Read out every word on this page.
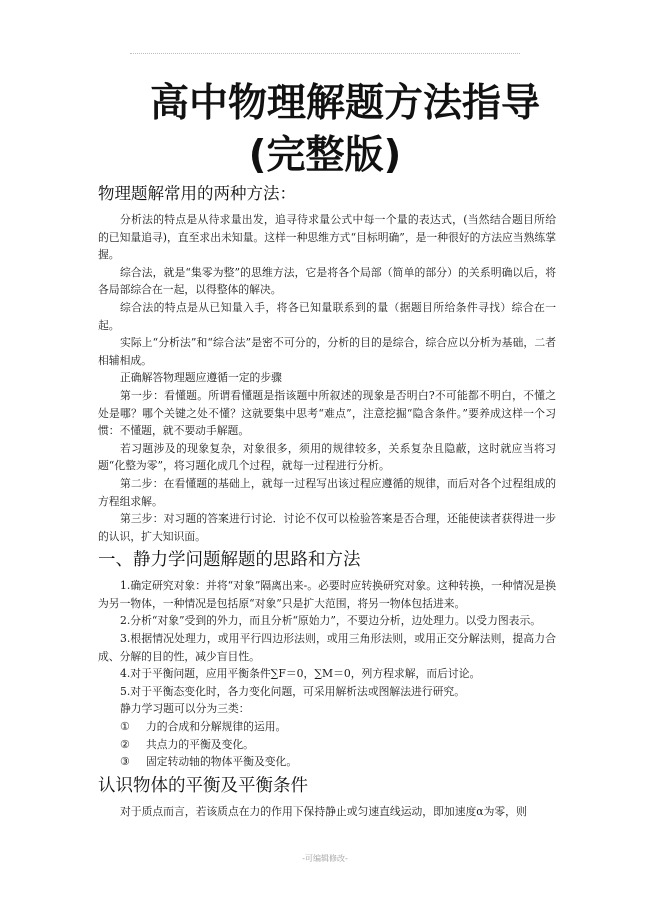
高中物理解题方法指导
(完整版)
物理题解常用的两种方法：

分析法的特点是从待求量出发，追寻待求量公式中每一个量的表达式，(当然结合题目所给的已知量追寻)，直至求出未知量。这样一种思维方式“目标明确”，是一种很好的方法应当熟练掌握。

综合法，就是“集零为整”的思维方法，它是将各个局部（简单的部分）的关系明确以后，将各局部综合在一起，以得整体的解决。

综合法的特点是从已知量入手，将各已知量联系到的量（据题目所给条件寻找）综合在一起。

实际上“分析法”和“综合法”是密不可分的，分析的目的是综合，综合应以分析为基础，二者相辅相成。

正确解答物理题应遵循一定的步骤

第一步：看懂题。所谓看懂题是指该题中所叙述的现象是否明白?不可能都不明白，不懂之处是哪？哪个关键之处不懂？这就要集中思考“难点”，注意挖掘“隐含条件。”要养成这样一个习惯：不懂题，就不要动手解题。

若习题涉及的现象复杂，对象很多，须用的规律较多，关系复杂且隐蔽，这时就应当将习题“化整为零”，将习题化成几个过程，就每一过程进行分析。

第二步：在看懂题的基础上，就每一过程写出该过程应遵循的规律，而后对各个过程组成的方程组求解。

第三步：对习题的答案进行讨论．讨论不仅可以检验答案是否合理，还能使读者获得进一步的认识，扩大知识面。

一、静力学问题解题的思路和方法

1.确定研究对象：并将“对象”隔离出来-。必要时应转换研究对象。这种转换，一种情况是换为另一物体，一种情况是包括原“对象”只是扩大范围，将另一物体包括进来。

2.分析“对象”受到的外力，而且分析“原始力”，不要边分析，边处理力。以受力图表示。

3.根据情况处理力，或用平行四边形法则，或用三角形法则，或用正交分解法则，提高力合成、分解的目的性，减少盲目性。

4.对于平衡问题，应用平衡条件∑F＝0，∑M＝0，列方程求解，而后讨论。

5.对于平衡态变化时，各力变化问题，可采用解析法或图解法进行研究。

静力学习题可以分为三类：

① 力的合成和分解规律的运用。
② 共点力的平衡及变化。
③ 固定转动轴的物体平衡及变化。
认识物体的平衡及平衡条件

对于质点而言，若该质点在力的作用下保持静止或匀速直线运动，即加速度α为零，则

-可编辑修改-
